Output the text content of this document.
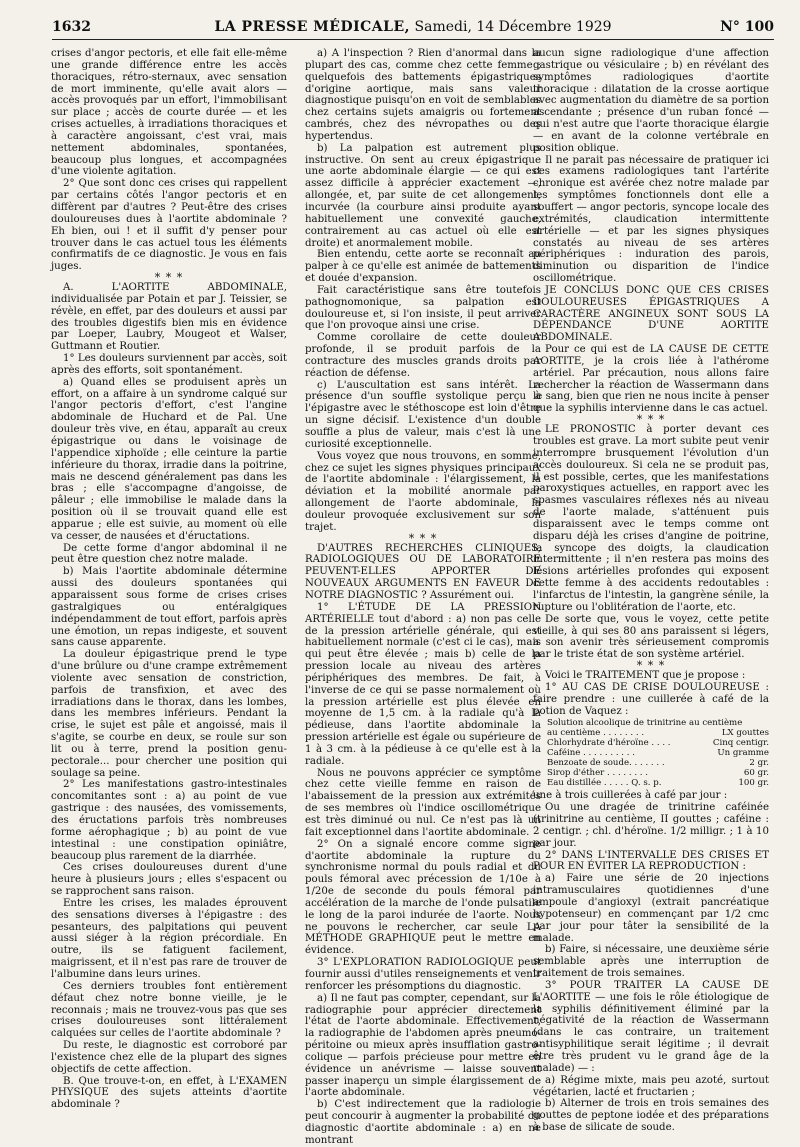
1632	LA PRESSE MÉDICALE, Samedi, 14 Décembre 1929	N° 100

crises d'angor pectoris, et elle fait elle-même une grande différence entre les accès thoraciques, rétro-sternaux, avec sensation de mort imminente, qu'elle avait alors — accès provoqués par un effort, l'immobilisant sur place ; accès de courte durée — et les crises actuelles, à irradiations thoraciques et à caractère angoissant, c'est vrai, mais nettement abdominales, spontanées, beaucoup plus longues, et accompagnées d'une violente agitation.

2° Que sont donc ces crises qui rappellent par certains côtés l'angor pectoris et en diffèrent par d'autres ? Peut-être des crises douloureuses dues à l'aortite abdominale ? Eh bien, oui ! et il suffit d'y penser pour trouver dans le cas actuel tous les éléments confirmatifs de ce diagnostic. Je vous en fais juges.

* * *

A. L'AORTITE ABDOMINALE, individualisée par Potain et par J. Teissier, se révèle, en effet, par des douleurs et aussi par des troubles digestifs bien mis en évidence par Loeper, Laubry, Mougeot et Walser, Guttmann et Routier.

1° Les douleurs surviennent par accès, soit après des efforts, soit spontanément.

a) Quand elles se produisent après un effort, on a affaire à un syndrome calqué sur l'angor pectoris d'effort, c'est l'angine abdominale de Huchard et de Pal. Une douleur très vive, en étau, apparaît au creux épigastrique ou dans le voisinage de l'appendice xiphoïde ; elle ceinture la partie inférieure du thorax, irradie dans la poitrine, mais ne descend généralement pas dans les bras ; elle s'accompagne d'angoisse, de pâleur ; elle immobilise le malade dans la position où il se trouvait quand elle est apparue ; elle est suivie, au moment où elle va cesser, de nausées et d'éructations.

De cette forme d'angor abdominal il ne peut être question chez notre malade.

b) Mais l'aortite abdominale détermine aussi des douleurs spontanées qui apparaissent sous forme de crises crises gastralgiques ou entéralgiques indépendamment de tout effort, parfois après une émotion, un repas indigeste, et souvent sans cause apparente.

La douleur épigastrique prend le type d'une brûlure ou d'une crampe extrêmement violente avec sensation de constriction, parfois de transfixion, et avec des irradiations dans le thorax, dans les lombes, dans les membres inférieurs. Pendant la crise, le sujet est pâle et angoissé, mais il s'agite, se courbe en deux, se roule sur son lit ou à terre, prend la position genu-pectorale... pour chercher une position qui soulage sa peine.

2° Les manifestations gastro-intestinales concomitantes sont : a) au point de vue gastrique : des nausées, des vomissements, des éructations parfois très nombreuses forme aérophagique ; b) au point de vue intestinal : une constipation opiniâtre, beaucoup plus rarement de la diarrhée.

Ces crises douloureuses durent d'une heure à plusieurs jours ; elles s'espacent ou se rapprochent sans raison.

Entre les crises, les malades éprouvent des sensations diverses à l'épigastre : des pesanteurs, des palpitations qui peuvent aussi siéger à la région précordiale. En outre, ils se fatiguent facilement, maigrissent, et il n'est pas rare de trouver de l'albumine dans leurs urines.

Ces derniers troubles font entièrement défaut chez notre bonne vieille, je le reconnais ; mais ne trouvez-vous pas que ses crises douloureuses sont littéralement calquées sur celles de l'aortite abdominale ?

Du reste, le diagnostic est corroboré par l'existence chez elle de la plupart des signes objectifs de cette affection.

B. Que trouve-t-on, en effet, à L'EXAMEN PHYSIQUE des sujets atteints d'aortite abdominale ?

a) A l'inspection ? Rien d'anormal dans la plupart des cas, comme chez cette femme ; quelquefois des battements épigastriques d'origine aortique, mais sans valeur diagnostique puisqu'on en voit de semblables chez certains sujets amaigris ou fortement cambrés, chez des névropathes ou des hypertendus.

b) La palpation est autrement plus instructive. On sent au creux épigastrique une aorte abdominale élargie — ce qui est assez difficile à apprécier exactement —, allongée, et, par suite de cet allongement, incurvée (la courbure ainsi produite ayant habituellement une convexité gauche, contrairement au cas actuel où elle est droite) et anormalement mobile.

Bien entendu, cette aorte se reconnaît au palper à ce qu'elle est animée de battements et douée d'expansion.

Fait caractéristique sans être toutefois pathognomonique, sa palpation est douloureuse et, si l'on insiste, il peut arriver que l'on provoque ainsi une crise.

Comme corollaire de cette douleur profonde, il se produit parfois de la contracture des muscles grands droits par réaction de défense.

c) L'auscultation est sans intérêt. La présence d'un souffle systolique perçu à l'épigastre avec le stéthoscope est loin d'être un signe décisif. L'existence d'un double souffle a plus de valeur, mais c'est là une curiosité exceptionnelle.

Vous voyez que nous trouvons, en somme, chez ce sujet les signes physiques principaux de l'aortite abdominale : l'élargissement, la déviation et la mobilité anormale par allongement de l'aorte abdominale, la douleur provoquée exclusivement sur son trajet.

* * *

D'AUTRES RECHERCHES CLINIQUES, RADIOLOGIQUES OU DE LABORATOIRE PEUVENT-ELLES APPORTER DE NOUVEAUX ARGUMENTS EN FAVEUR DE NOTRE DIAGNOSTIC ? Assurément oui.

1° L'ÉTUDE DE LA PRESSION ARTÉRIELLE tout d'abord : a) non pas celle de la pression artérielle générale, qui est habituellement normale (c'est ci le cas), mais qui peut être élevée ; mais b) celle de la pression locale au niveau des artères périphériques des membres. De fait, à l'inverse de ce qui se passe normalement où la pression artérielle est plus élevée en moyenne de 1,5 cm. à la radiale qu'à la pédieuse, dans l'aortite abdominale la pression artérielle est égale ou supérieure de 1 à 3 cm. à la pédieuse à ce qu'elle est à la radiale.

Nous ne pouvons apprécier ce symptôme chez cette vieille femme en raison de l'abaissement de la pression aux extrémités de ses membres où l'indice oscillométrique est très diminué ou nul. Ce n'est pas là un fait exceptionnel dans l'aortite abdominale.

2° On a signalé encore comme signe d'aortite abdominale la rupture du synchronisme normal du pouls radial et du pouls fémoral avec précession de 1/10e à 1/20e de seconde du pouls fémoral par accélération de la marche de l'onde pulsatile le long de la paroi indurée de l'aorte. Nous ne pouvons le rechercher, car seule LA MÉTHODE GRAPHIQUE peut le mettre en évidence.

3° L'EXPLORATION RADIOLOGIQUE peut fournir aussi d'utiles renseignements et venir renforcer les présomptions du diagnostic.

a) Il ne faut pas compter, cependant, sur la radiographie pour apprécier directement l'état de l'aorte abdominale. Effectivement, la radiographie de l'abdomen après pneumo-péritoine ou mieux après insufflation gastro-colique — parfois précieuse pour mettre en évidence un anévrisme — laisse souvent passer inaperçu un simple élargissement de l'aorte abdominale.

b) C'est indirectement que la radiologie peut concourir à augmenter la probabilité du diagnostic d'aortite abdominale : a) en ne montrant

aucun signe radiologique d'une affection gastrique ou vésiculaire ; b) en révélant des symptômes radiologiques d'aortite thoracique : dilatation de la crosse aortique avec augmentation du diamètre de sa portion ascendante ; présence d'un ruban foncé — qui n'est autre que l'aorte thoracique élargie — en avant de la colonne vertébrale en position oblique.

Il ne parait pas nécessaire de pratiquer ici ces examens radiologiques tant l'artérite chronique est avérée chez notre malade par les symptômes fonctionnels dont elle a souffert — angor pectoris, syncope locale des extrémités, claudication intermittente artérielle — et par les signes physiques constatés au niveau de ses artères périphériques : induration des parois, diminution ou disparition de l'indice oscillométrique.

JE CONCLUS DONC QUE CES CRISES DOULOUREUSES ÉPIGASTRIQUES A CARACTÈRE ANGINEUX SONT SOUS LA DÉPENDANCE D'UNE AORTITE ABDOMINALE.

Pour ce qui est de LA CAUSE DE CETTE AORTITE, je la crois liée à l'athérome artériel. Par précaution, nous allons faire rechercher la réaction de Wassermann dans le sang, bien que rien ne nous incite à penser que la syphilis intervienne dans le cas actuel.

* * *

LE PRONOSTIC à porter devant ces troubles est grave. La mort subite peut venir interrompre brusquement l'évolution d'un accès douloureux. Si cela ne se produit pas, il est possible, certes, que les manifestations paroxystiques actuelles, en rapport avec les spasmes vasculaires réflexes nés au niveau de l'aorte malade, s'atténuent puis disparaissent avec le temps comme ont disparu déjà les crises d'angine de poitrine, la syncope des doigts, la claudication intermittente ; il n'en restera pas moins des lésions artérielles profondes qui exposent cette femme à des accidents redoutables : l'infarctus de l'intestin, la gangrène sénile, la rupture ou l'oblitération de l'aorte, etc.

De sorte que, vous le voyez, cette petite vieille, à qui ses 80 ans paraissent si légers, a son avenir très sérieusement compromis par le triste état de son système artériel.

* * *

Voici le TRAITEMENT que je propose :

1° AU CAS DE CRISE DOULOUREUSE : faire prendre : une cuillerée à café de la potion de Vaquez :

Solution alcoolique de trinitrine au centième
au centième . . . . . . . .	LX gouttes
Chlorhydrate d'héroïne . . . .	Cinq centigr.
Caféine . . . . . . . . . .	Un gramme
Benzoate de soude. . . . . . .	2 gr.
Sirop d'éther . . . . . . . .	60 gr.
Eau distillée . . . . . Q. s. p.	100 gr.

une à trois cuillerées à café par jour :

Ou une dragée de trinitrine caféinée (trinitrine au centième, II gouttes ; caféine : 2 centigr. ; chl. d'héroïne. 1/2 milligr. ; 1 à 10 par jour.

2° DANS L'INTERVALLE DES CRISES ET POUR EN ÉVITER LA REPRODUCTION :

a) Faire une série de 20 injections intramusculaires quotidiennes d'une ampoule d'angioxyl (extrait pancréatique hypotenseur) en commençant par 1/2 cmc par jour pour tâter la sensibilité de la malade.

b) Faire, si nécessaire, une deuxième série semblable après une interruption de traitement de trois semaines.

3° POUR TRAITER LA CAUSE DE L'AORTITE — une fois le rôle étiologique de la syphilis définitivement éliminé par la négativité de la réaction de Wassermann (dans le cas contraire, un traitement antisyphilitique serait légitime ; il devrait être très prudent vu le grand âge de la malade) — :

a) Régime mixte, mais peu azoté, surtout végétarien, lacté et fructarien ;

b) Alterner de trois en trois semaines des gouttes de peptone iodée et des préparations à base de silicate de soude.
